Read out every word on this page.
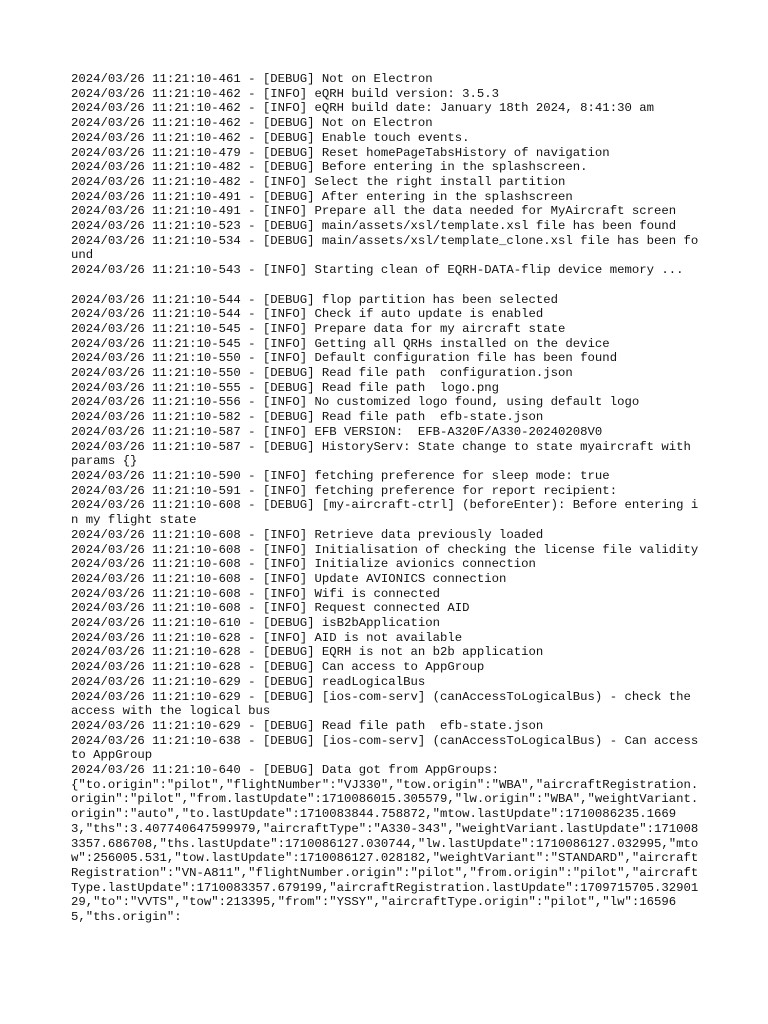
2024/03/26 11:21:10-461 - [DEBUG] Not on Electron
2024/03/26 11:21:10-462 - [INFO] eQRH build version: 3.5.3
2024/03/26 11:21:10-462 - [INFO] eQRH build date: January 18th 2024, 8:41:30 am
2024/03/26 11:21:10-462 - [DEBUG] Not on Electron
2024/03/26 11:21:10-462 - [DEBUG] Enable touch events.
2024/03/26 11:21:10-479 - [DEBUG] Reset homePageTabsHistory of navigation
2024/03/26 11:21:10-482 - [DEBUG] Before entering in the splashscreen.
2024/03/26 11:21:10-482 - [INFO] Select the right install partition
2024/03/26 11:21:10-491 - [DEBUG] After entering in the splashscreen
2024/03/26 11:21:10-491 - [INFO] Prepare all the data needed for MyAircraft screen
2024/03/26 11:21:10-523 - [DEBUG] main/assets/xsl/template.xsl file has been found
2024/03/26 11:21:10-534 - [DEBUG] main/assets/xsl/template_clone.xsl file has been found
2024/03/26 11:21:10-543 - [INFO] Starting clean of EQRH-DATA-flip device memory ...

2024/03/26 11:21:10-544 - [DEBUG] flop partition has been selected
2024/03/26 11:21:10-544 - [INFO] Check if auto update is enabled
2024/03/26 11:21:10-545 - [INFO] Prepare data for my aircraft state
2024/03/26 11:21:10-545 - [INFO] Getting all QRHs installed on the device
2024/03/26 11:21:10-550 - [INFO] Default configuration file has been found
2024/03/26 11:21:10-550 - [DEBUG] Read file path  configuration.json
2024/03/26 11:21:10-555 - [DEBUG] Read file path  logo.png
2024/03/26 11:21:10-556 - [INFO] No customized logo found, using default logo
2024/03/26 11:21:10-582 - [DEBUG] Read file path  efb-state.json
2024/03/26 11:21:10-587 - [INFO] EFB VERSION:  EFB-A320F/A330-20240208V0
2024/03/26 11:21:10-587 - [DEBUG] HistoryServ: State change to state myaircraft with params {}
2024/03/26 11:21:10-590 - [INFO] fetching preference for sleep mode: true
2024/03/26 11:21:10-591 - [INFO] fetching preference for report recipient:
2024/03/26 11:21:10-608 - [DEBUG] [my-aircraft-ctrl] (beforeEnter): Before entering in my flight state
2024/03/26 11:21:10-608 - [INFO] Retrieve data previously loaded
2024/03/26 11:21:10-608 - [INFO] Initialisation of checking the license file validity
2024/03/26 11:21:10-608 - [INFO] Initialize avionics connection
2024/03/26 11:21:10-608 - [INFO] Update AVIONICS connection
2024/03/26 11:21:10-608 - [INFO] Wifi is connected
2024/03/26 11:21:10-608 - [INFO] Request connected AID
2024/03/26 11:21:10-610 - [DEBUG] isB2bApplication
2024/03/26 11:21:10-628 - [INFO] AID is not available
2024/03/26 11:21:10-628 - [DEBUG] EQRH is not an b2b application
2024/03/26 11:21:10-628 - [DEBUG] Can access to AppGroup
2024/03/26 11:21:10-629 - [DEBUG] readLogicalBus
2024/03/26 11:21:10-629 - [DEBUG] [ios-com-serv] (canAccessToLogicalBus) - check the access with the logical bus
2024/03/26 11:21:10-629 - [DEBUG] Read file path  efb-state.json
2024/03/26 11:21:10-638 - [DEBUG] [ios-com-serv] (canAccessToLogicalBus) - Can access to AppGroup
2024/03/26 11:21:10-640 - [DEBUG] Data got from AppGroups:
{"to.origin":"pilot","flightNumber":"VJ330","tow.origin":"WBA","aircraftRegistration.origin":"pilot","from.lastUpdate":1710086015.305579,"lw.origin":"WBA","weightVariant.origin":"auto","to.lastUpdate":1710083844.758872,"mtow.lastUpdate":1710086235.16693,"ths":3.407740647599979,"aircraftType":"A330-343","weightVariant.lastUpdate":1710083357.686708,"ths.lastUpdate":1710086127.030744,"lw.lastUpdate":1710086127.032995,"mtow":256005.531,"tow.lastUpdate":1710086127.028182,"weightVariant":"STANDARD","aircraftRegistration":"VN-A811","flightNumber.origin":"pilot","from.origin":"pilot","aircraftType.lastUpdate":1710083357.679199,"aircraftRegistration.lastUpdate":1709715705.3290129,"to":"VVTS","tow":213395,"from":"YSSY","aircraftType.origin":"pilot","lw":165965,"ths.origin":
